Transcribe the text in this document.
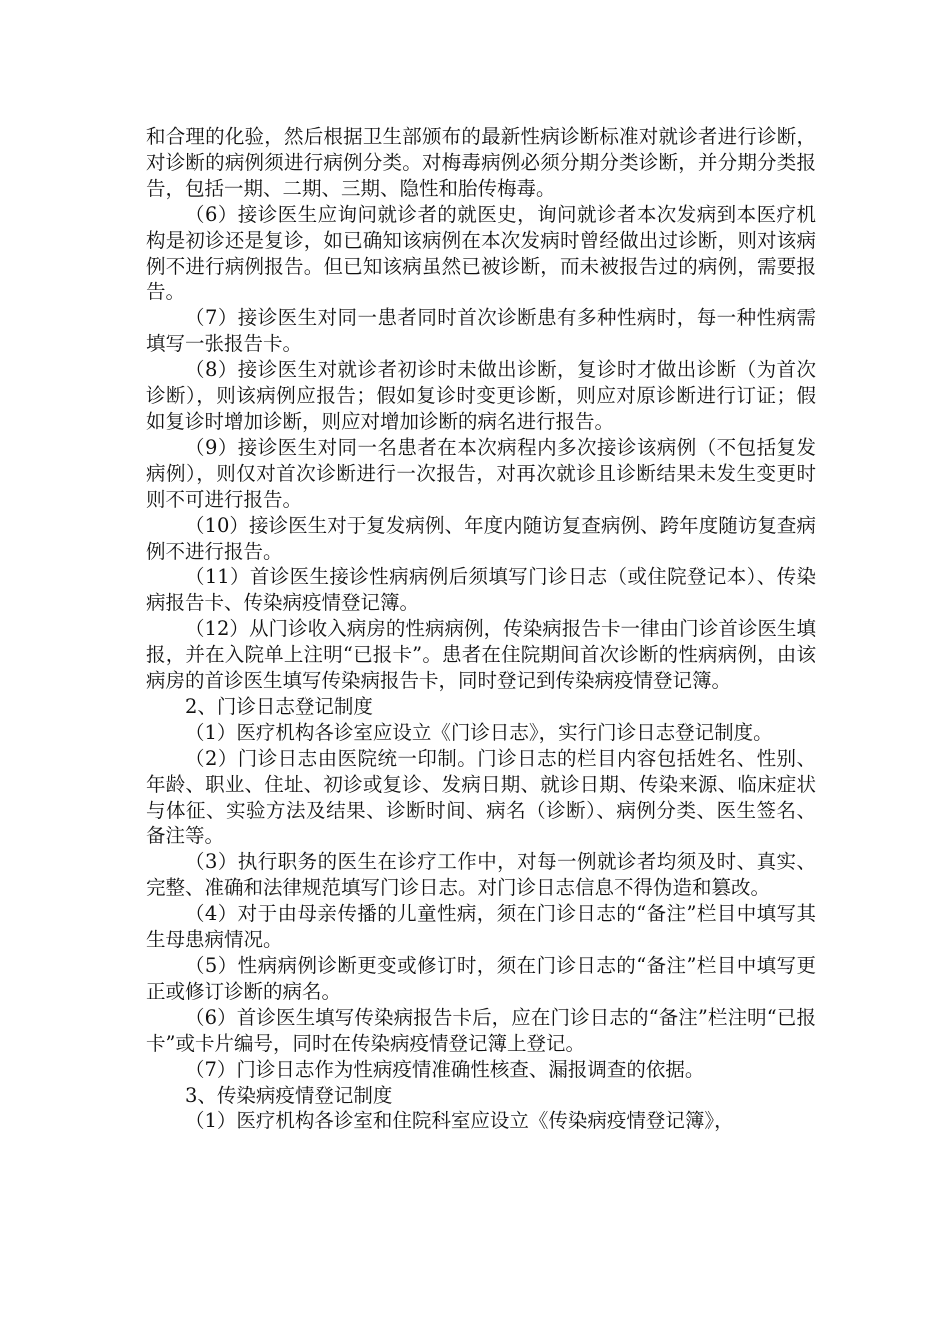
和合理的化验，然后根据卫生部颁布的最新性病诊断标准对就诊者进行诊断，对诊断的病例须进行病例分类。对梅毒病例必须分期分类诊断，并分期分类报告，包括一期、二期、三期、隐性和胎传梅毒。

（6）接诊医生应询问就诊者的就医史，询问就诊者本次发病到本医疗机构是初诊还是复诊，如已确知该病例在本次发病时曾经做出过诊断，则对该病例不进行病例报告。但已知该病虽然已被诊断，而未被报告过的病例，需要报告。

（7）接诊医生对同一患者同时首次诊断患有多种性病时，每一种性病需填写一张报告卡。

（8）接诊医生对就诊者初诊时未做出诊断，复诊时才做出诊断（为首次诊断），则该病例应报告；假如复诊时变更诊断，则应对原诊断进行订证；假如复诊时增加诊断，则应对增加诊断的病名进行报告。

（9）接诊医生对同一名患者在本次病程内多次接诊该病例（不包括复发病例），则仅对首次诊断进行一次报告，对再次就诊且诊断结果未发生变更时则不可进行报告。

（10）接诊医生对于复发病例、年度内随访复查病例、跨年度随访复查病例不进行报告。

（11）首诊医生接诊性病病例后须填写门诊日志（或住院登记本）、传染病报告卡、传染病疫情登记簿。

（12）从门诊收入病房的性病病例，传染病报告卡一律由门诊首诊医生填报，并在入院单上注明“已报卡”。患者在住院期间首次诊断的性病病例，由该病房的首诊医生填写传染病报告卡，同时登记到传染病疫情登记簿。

2、门诊日志登记制度

（1）医疗机构各诊室应设立《门诊日志》，实行门诊日志登记制度。

（2）门诊日志由医院统一印制。门诊日志的栏目内容包括姓名、性别、年龄、职业、住址、初诊或复诊、发病日期、就诊日期、传染来源、临床症状与体征、实验方法及结果、诊断时间、病名（诊断）、病例分类、医生签名、备注等。

（3）执行职务的医生在诊疗工作中，对每一例就诊者均须及时、真实、完整、准确和法律规范填写门诊日志。对门诊日志信息不得伪造和篡改。

（4）对于由母亲传播的儿童性病，须在门诊日志的“备注”栏目中填写其生母患病情况。

（5）性病病例诊断更变或修订时，须在门诊日志的“备注”栏目中填写更正或修订诊断的病名。

（6）首诊医生填写传染病报告卡后，应在门诊日志的“备注”栏注明“已报卡”或卡片编号，同时在传染病疫情登记簿上登记。

（7）门诊日志作为性病疫情准确性核查、漏报调查的依据。

3、传染病疫情登记制度

（1）医疗机构各诊室和住院科室应设立《传染病疫情登记簿》，
